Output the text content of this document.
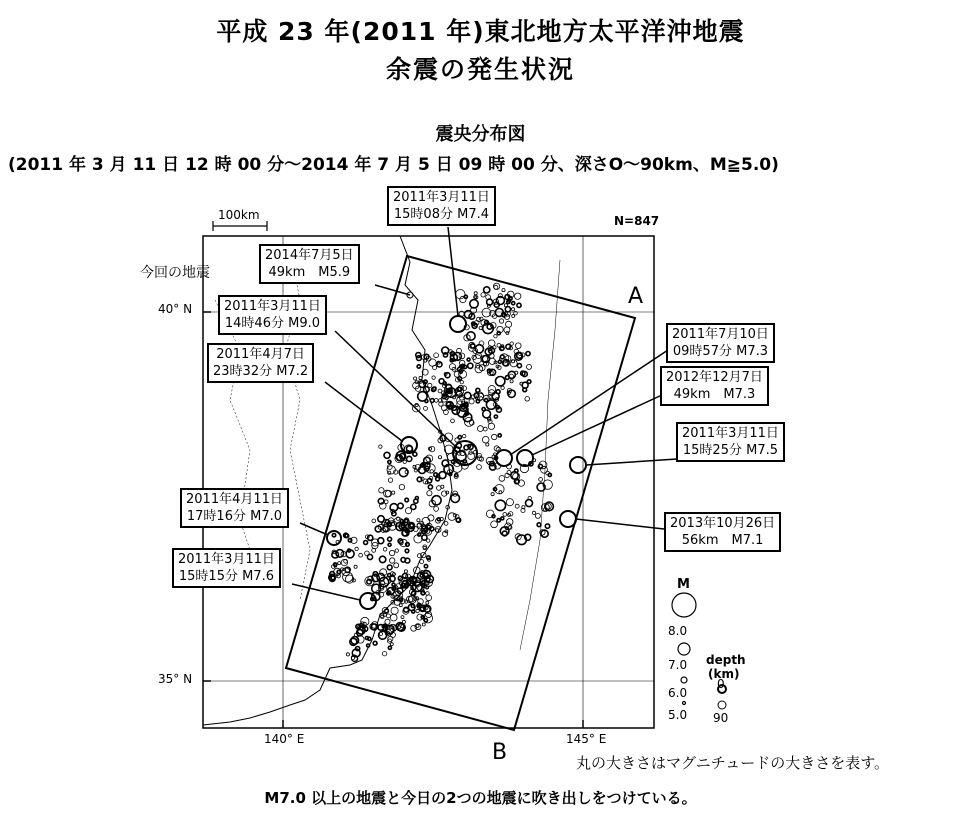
平成 23 年(2011 年)東北地方太平洋沖地震
余震の発生状況
震央分布図
(2011 年 3 月 11 日 12 時 00 分～2014 年 7 月 5 日 09 時 00 分、深さO～90km、M≧5.0)
100km	N=847
今回の地震
40° N
35° N
140° E	145° E
A
B
2011年3月11日
15時08分 M7.4
2014年7月5日
49km　M5.9
2011年3月11日
14時46分 M9.0
2011年4月7日
23時32分 M7.2
2011年7月10日
09時57分 M7.3
2012年12月7日
49km　M7.3
2011年3月11日
15時25分 M7.5
2011年4月11日
17時16分 M7.0
2011年3月11日
15時15分 M7.6
2013年10月26日
56km　M7.1
M
8.0
7.0
6.0
5.0
depth
(km)
0
90
丸の大きさはマグニチュードの大きさを表す。
M7.0 以上の地震と今日の2つの地震に吹き出しをつけている。
